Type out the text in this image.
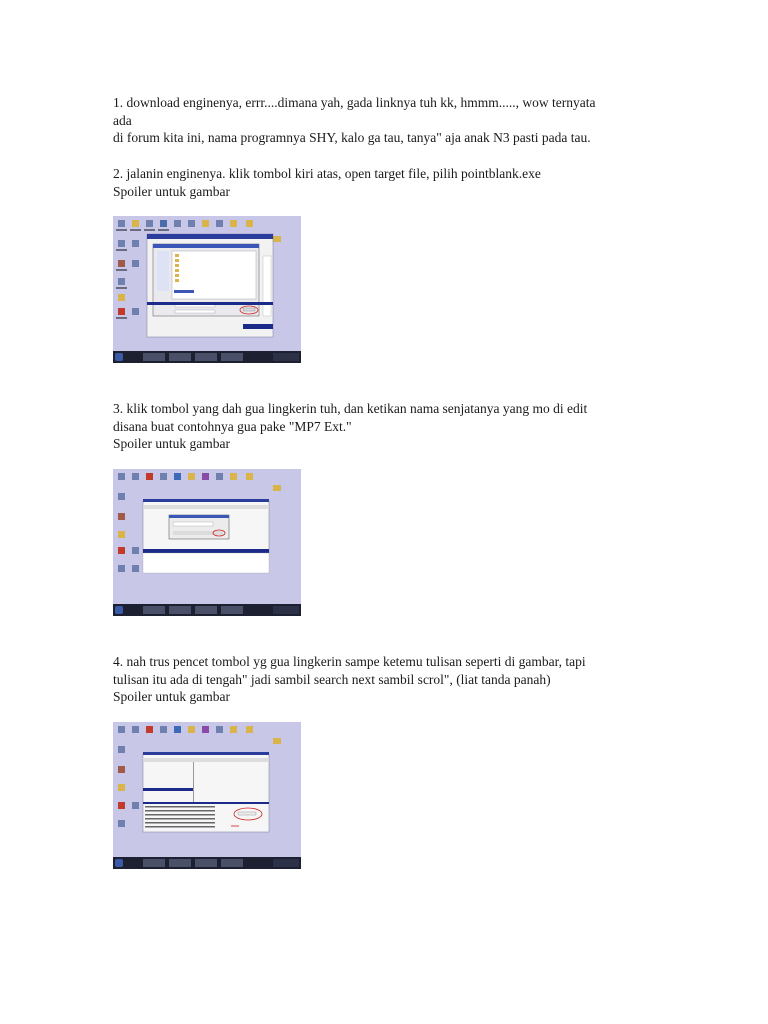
1. download enginenya, errr....dimana yah, gada linknya tuh kk, hmmm....., wow ternyata
ada
di forum kita ini, nama programnya SHY, kalo ga tau, tanya" aja anak N3 pasti pada tau.

2. jalanin enginenya. klik tombol kiri atas, open target file, pilih pointblank.exe
Spoiler untuk gambar

3. klik tombol yang dah gua lingkerin tuh, dan ketikan nama senjatanya yang mo di edit
disana buat contohnya gua pake "MP7 Ext."
Spoiler untuk gambar

4. nah trus pencet tombol yg gua lingkerin sampe ketemu tulisan seperti di gambar, tapi
tulisan itu ada di tengah" jadi sambil search next sambil scrol", (liat tanda panah)
Spoiler untuk gambar
